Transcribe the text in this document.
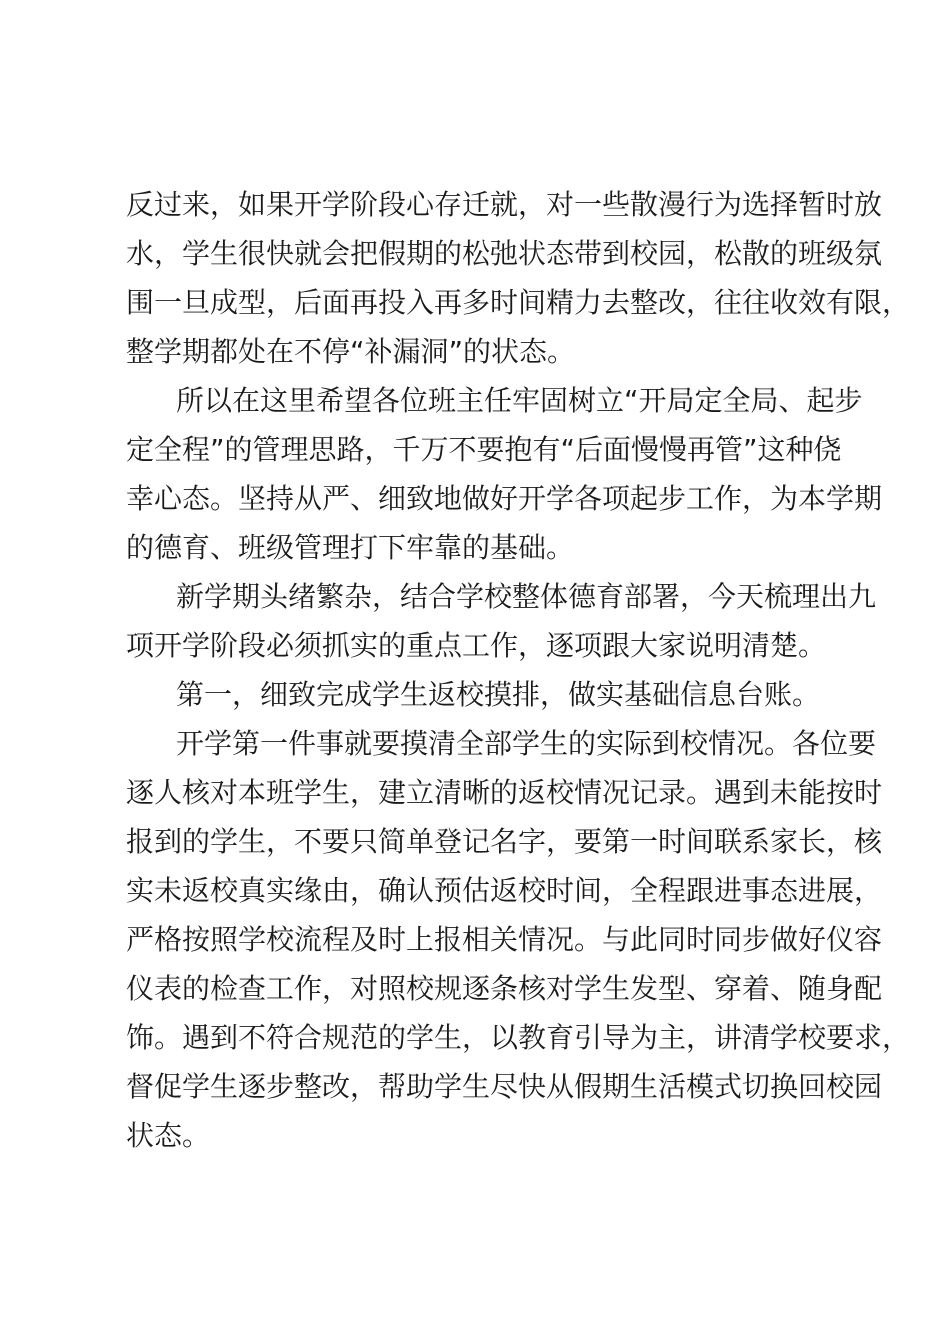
反过来，如果开学阶段心存迁就，对一些散漫行为选择暂时放
水，学生很快就会把假期的松弛状态带到校园，松散的班级氛
围一旦成型，后面再投入再多时间精力去整改，往往收效有限，
整学期都处在不停“补漏洞”的状态。
所以在这里希望各位班主任牢固树立“开局定全局、起步
定全程”的管理思路，千万不要抱有“后面慢慢再管”这种侥
幸心态。坚持从严、细致地做好开学各项起步工作，为本学期
的德育、班级管理打下牢靠的基础。
新学期头绪繁杂，结合学校整体德育部署，今天梳理出九
项开学阶段必须抓实的重点工作，逐项跟大家说明清楚。
第一，细致完成学生返校摸排，做实基础信息台账。
开学第一件事就要摸清全部学生的实际到校情况。各位要
逐人核对本班学生，建立清晰的返校情况记录。遇到未能按时
报到的学生，不要只简单登记名字，要第一时间联系家长，核
实未返校真实缘由，确认预估返校时间，全程跟进事态进展，
严格按照学校流程及时上报相关情况。与此同时同步做好仪容
仪表的检查工作，对照校规逐条核对学生发型、穿着、随身配
饰。遇到不符合规范的学生，以教育引导为主，讲清学校要求，
督促学生逐步整改，帮助学生尽快从假期生活模式切换回校园
状态。
